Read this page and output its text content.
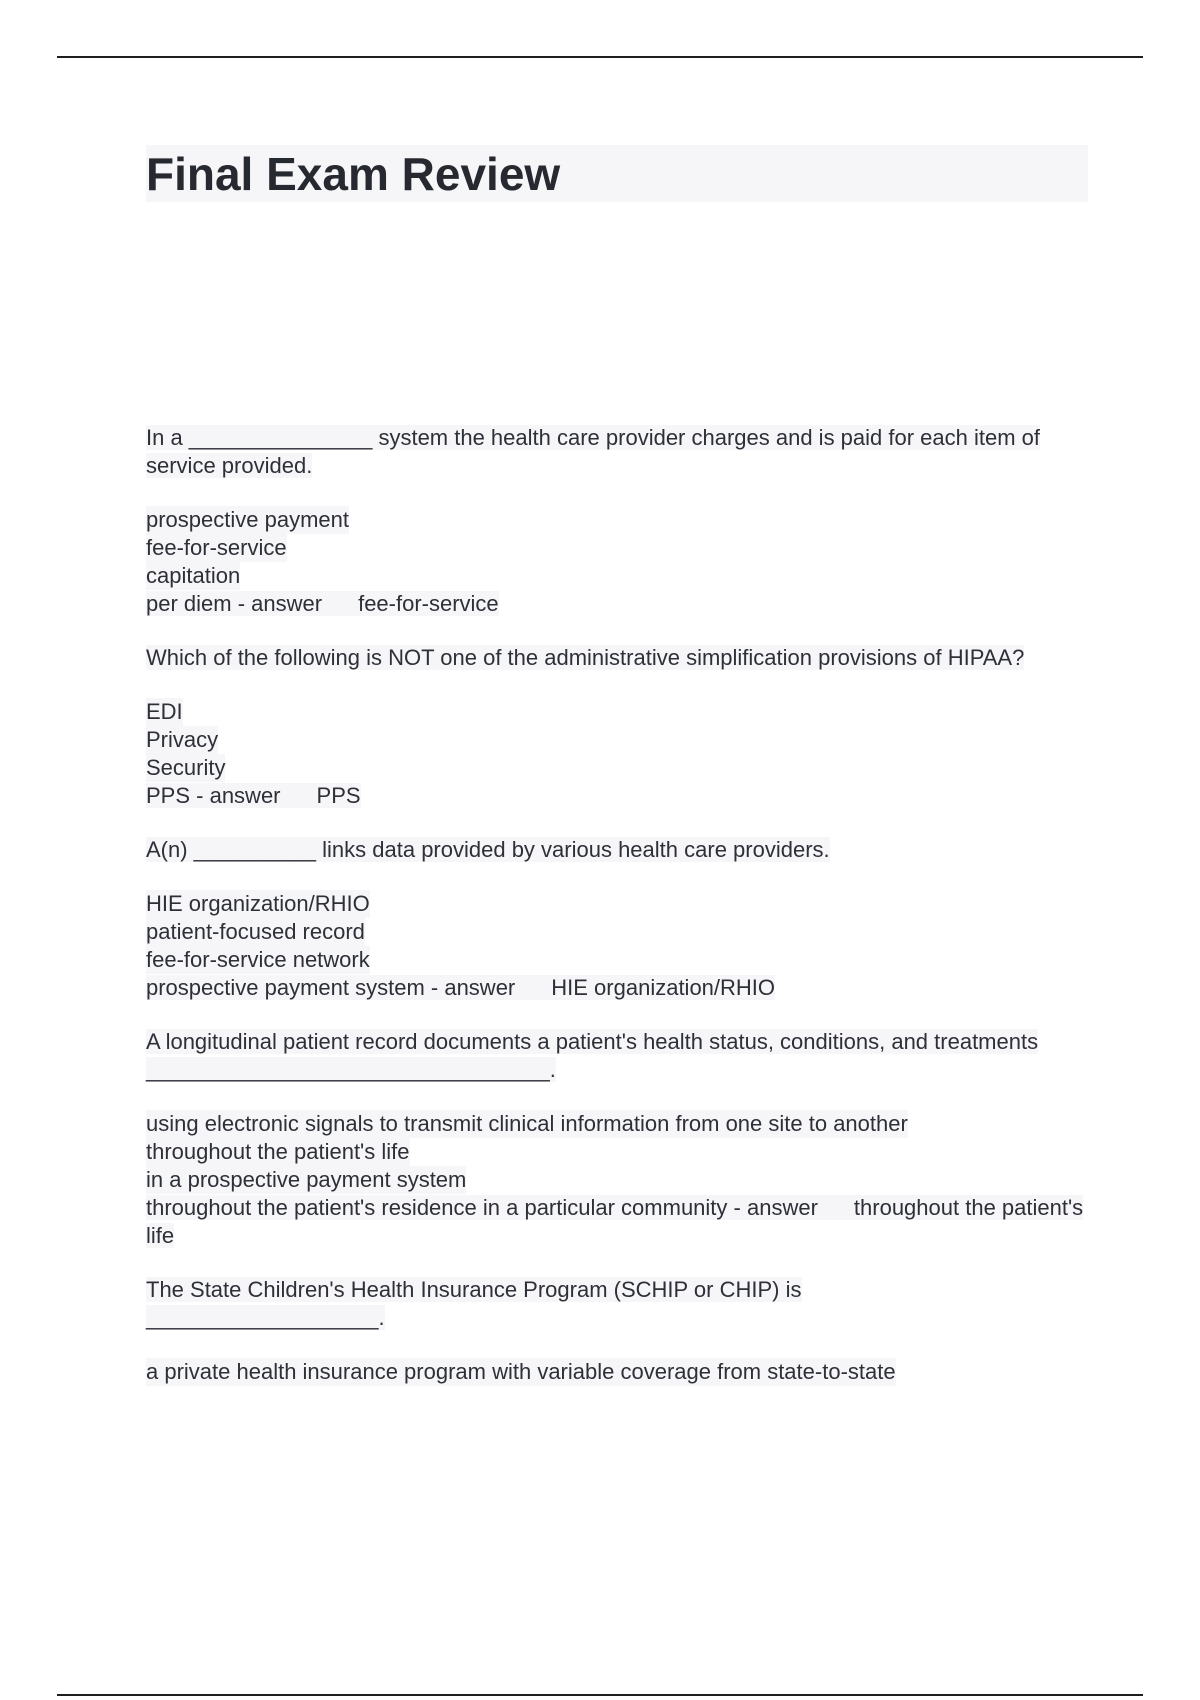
Final Exam Review

In a _______________ system the health care provider charges and is paid for each item of service provided.

prospective payment
fee-for-service
capitation
per diem - answer fee-for-service

Which of the following is NOT one of the administrative simplification provisions of HIPAA?

EDI
Privacy
Security
PPS - answer PPS

A(n) __________ links data provided by various health care providers.

HIE organization/RHIO
patient-focused record
fee-for-service network
prospective payment system - answer HIE organization/RHIO

A longitudinal patient record documents a patient's health status, conditions, and treatments _________________________________.

using electronic signals to transmit clinical information from one site to another
throughout the patient's life
in a prospective payment system
throughout the patient's residence in a particular community - answer throughout the patient's life

The State Children's Health Insurance Program (SCHIP or CHIP) is ___________________.

a private health insurance program with variable coverage from state-to-state
